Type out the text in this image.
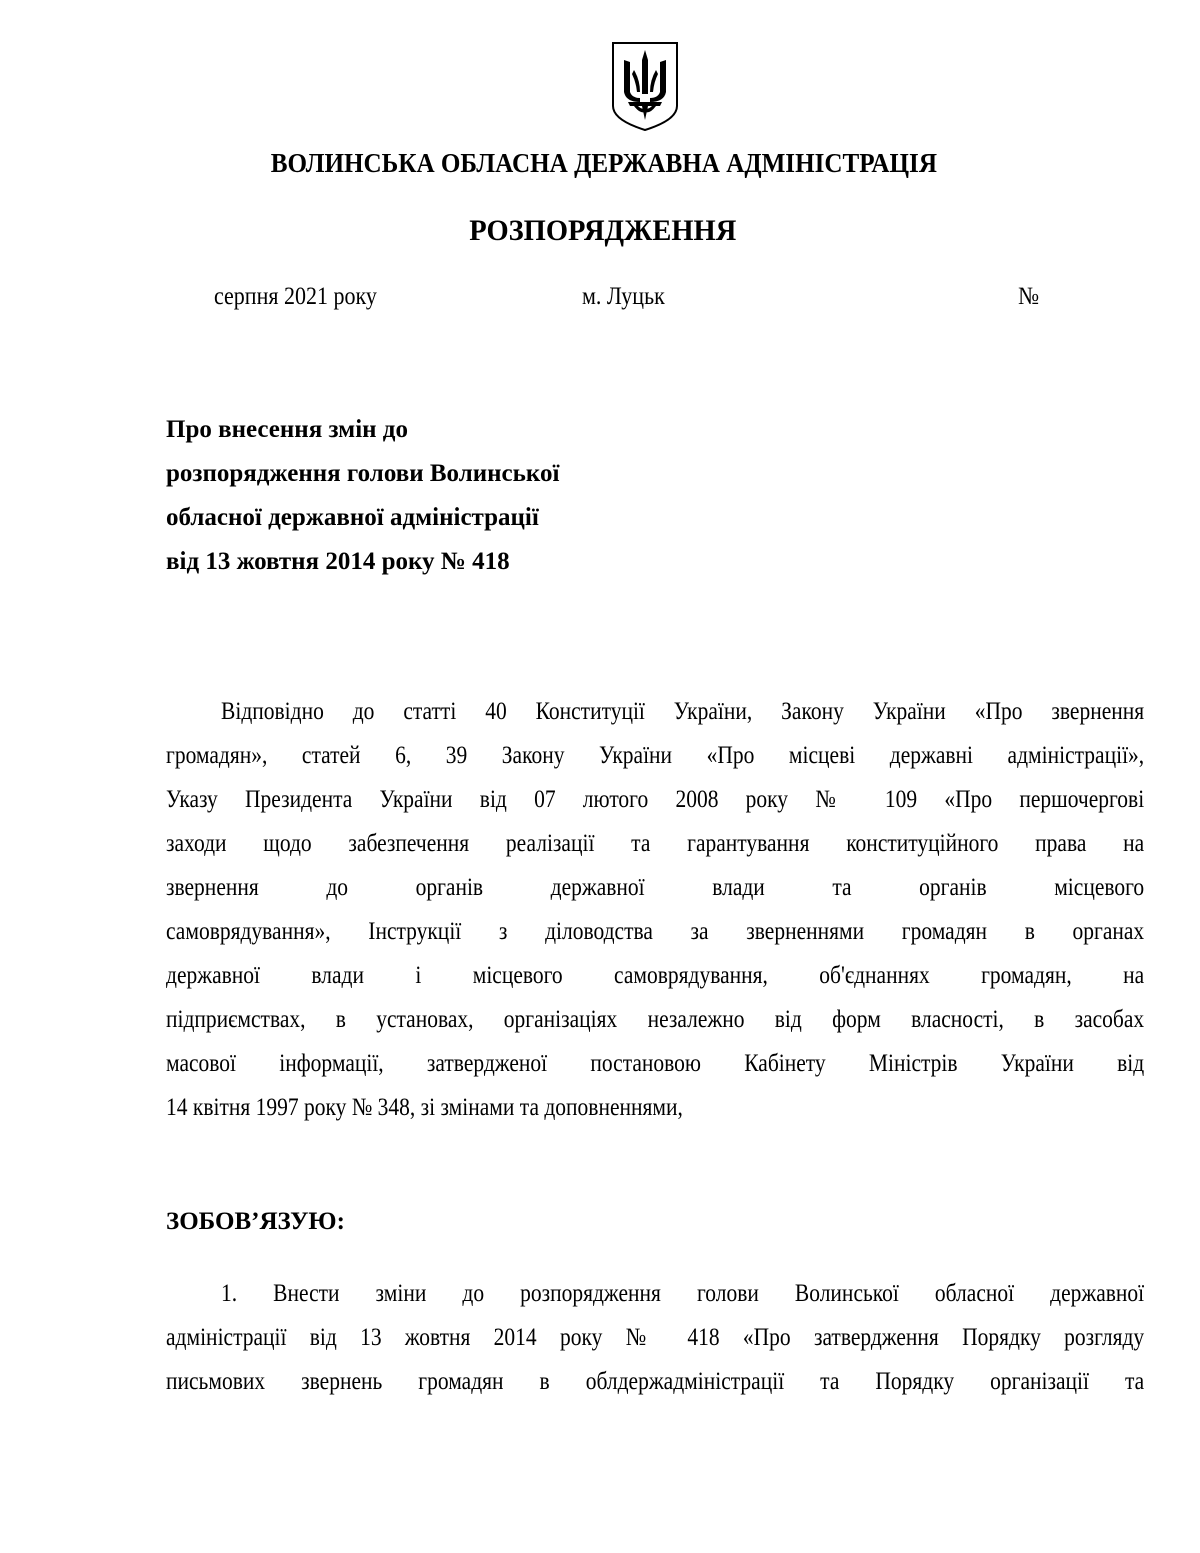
ВОЛИНСЬКА ОБЛАСНА ДЕРЖАВНА АДМІНІСТРАЦІЯ
РОЗПОРЯДЖЕННЯ
серпня 2021 року	м. Луцьк	№
Про внесення змін до
розпорядження голови Волинської
обласної державної адміністрації
від 13 жовтня 2014 року № 418
Відповідно до статті 40 Конституції України, Закону України «Про звернення
громадян», статей 6, 39 Закону України «Про місцеві державні адміністрації»,
Указу Президента України від 07 лютого 2008 року № 109 «Про першочергові
заходи щодо забезпечення реалізації та гарантування конституційного права на
звернення до органів державної влади та органів місцевого
самоврядування», Інструкції з діловодства за зверненнями громадян в органах
державної влади і місцевого самоврядування, об'єднаннях громадян, на
підприємствах, в установах, організаціях незалежно від форм власності, в засобах
масової інформації, затвердженої постановою Кабінету Міністрів України від
14 квітня 1997 року № 348, зі змінами та доповненнями,
ЗОБОВ’ЯЗУЮ:
1. Внести зміни до розпорядження голови Волинської обласної державної
адміністрації від 13 жовтня 2014 року № 418 «Про затвердження Порядку розгляду
письмових звернень громадян в облдержадміністрації та Порядку організації та
